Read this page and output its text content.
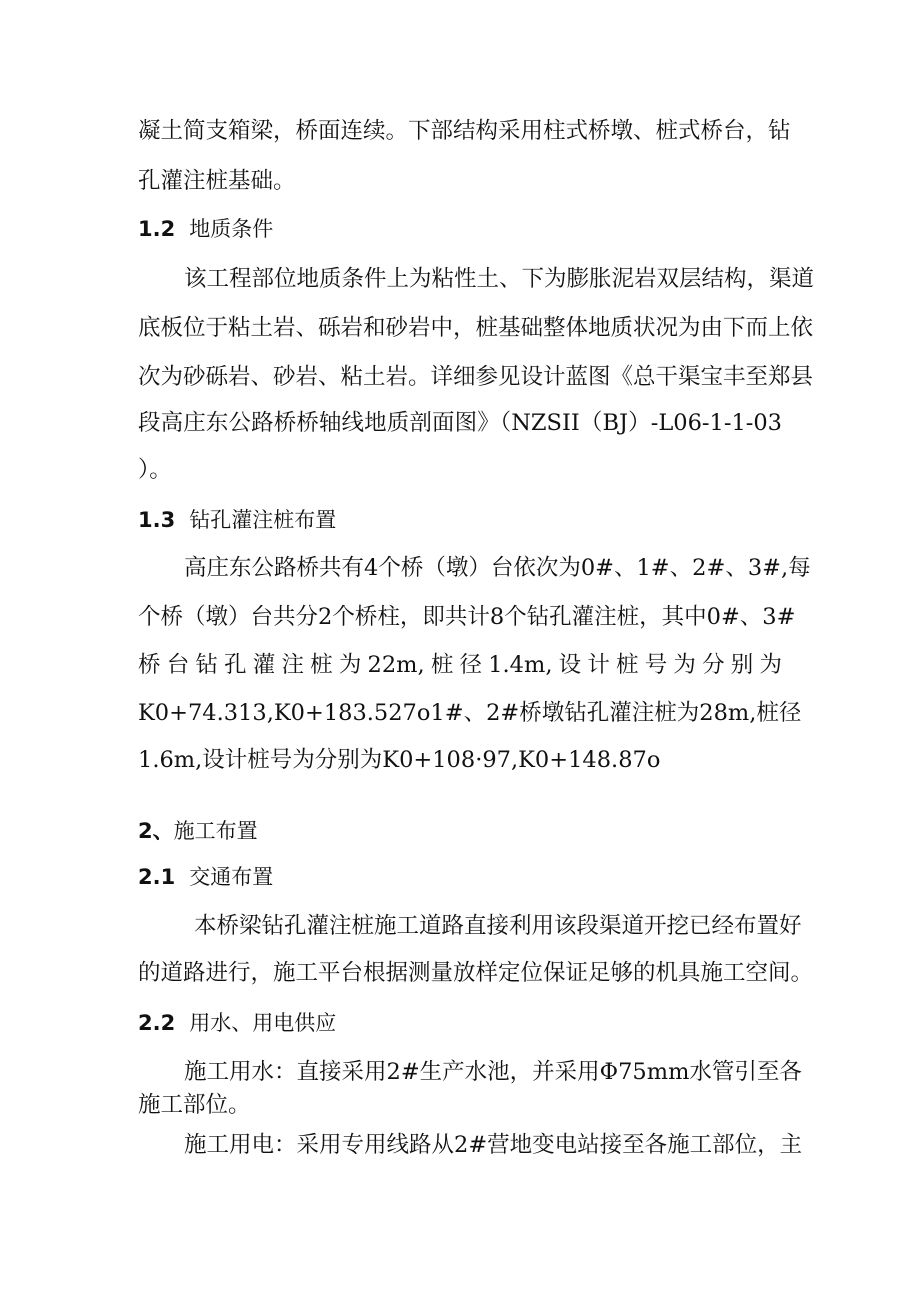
凝土简支箱梁，桥面连续。下部结构采用柱式桥墩、桩式桥台，钻

孔灌注桩基础。

1.2 地质条件

该工程部位地质条件上为粘性土、下为膨胀泥岩双层结构，渠道

底板位于粘土岩、砾岩和砂岩中，桩基础整体地质状况为由下而上依

次为砂砾岩、砂岩、粘土岩。详细参见设计蓝图《总干渠宝丰至郑县

段高庄东公路桥桥轴线地质剖面图》（NZSII（BJ）-L06-1-1-03

）。

1.3 钻孔灌注桩布置

高庄东公路桥共有4个桥（墩）台依次为0#、1#、2#、3#,每

个桥（墩）台共分2个桥柱，即共计8个钻孔灌注桩，其中0#、3#

桥台钻孔灌注桩为22m,桩径1.4m,设计桩号为分别为

K0+74.313,K0+183.527o1#、2#桥墩钻孔灌注桩为28m,桩径

1.6m,设计桩号为分别为K0+108·97,K0+148.87o

2、施工布置

2.1 交通布置

本桥梁钻孔灌注桩施工道路直接利用该段渠道开挖已经布置好

的道路进行，施工平台根据测量放样定位保证足够的机具施工空间。

2.2 用水、用电供应

施工用水：直接采用2#生产水池，并采用Φ75mm水管引至各

施工部位。

施工用电：采用专用线路从2#营地变电站接至各施工部位，主
